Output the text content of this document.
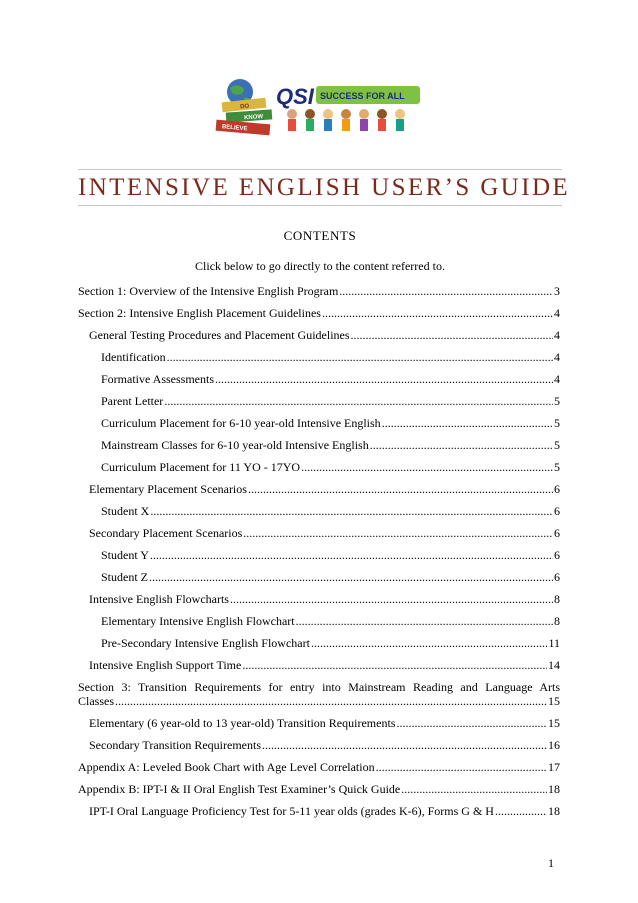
DO
KNOW
BELIEVE
QSI SUCCESS FOR ALL
INTENSIVE ENGLISH USER’S GUIDE
CONTENTS
Click below to go directly to the content referred to.
Section 1: Overview of the Intensive English Program .....	3
Section 2: Intensive English Placement Guidelines .....	4
General Testing Procedures and Placement Guidelines .....	4
Identification .....	4
Formative Assessments .....	4
Parent Letter .....	5
Curriculum Placement for 6-10 year-old Intensive English .....	5
Mainstream Classes for 6-10 year-old Intensive English .....	5
Curriculum Placement for 11 YO - 17YO .....	5
Elementary Placement Scenarios .....	6
Student X .....	6
Secondary Placement Scenarios .....	6
Student Y .....	6
Student Z .....	6
Intensive English Flowcharts .....	8
Elementary Intensive English Flowchart .....	8
Pre-Secondary Intensive English Flowchart .....	11
Intensive English Support Time .....	14
Section 3: Transition Requirements for entry into Mainstream Reading and Language Arts
Classes .....	15
Elementary (6 year-old to 13 year-old) Transition Requirements .....	15
Secondary Transition Requirements .....	16
Appendix A: Leveled Book Chart with Age Level Correlation .....	17
Appendix B: IPT-I & II Oral English Test Examiner’s Quick Guide .....	18
IPT-I Oral Language Proficiency Test for 5-11 year olds (grades K-6), Forms G & H .....	18
1
